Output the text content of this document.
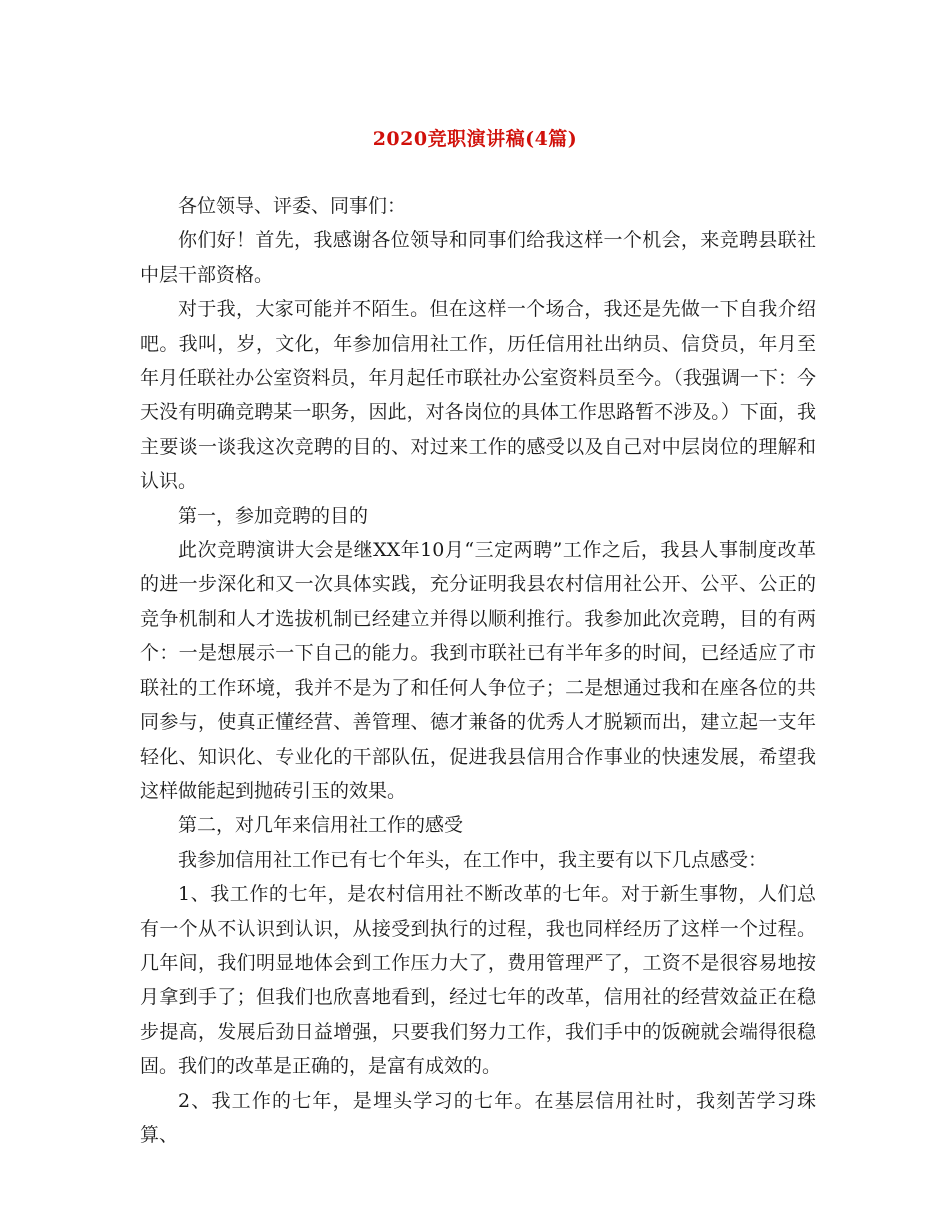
2020竞职演讲稿(4篇)

各位领导、评委、同事们：

你们好！首先，我感谢各位领导和同事们给我这样一个机会，来竞聘县联社中层干部资格。

对于我，大家可能并不陌生。但在这样一个场合，我还是先做一下自我介绍吧。我叫，岁，文化，年参加信用社工作，历任信用社出纳员、信贷员，年月至年月任联社办公室资料员，年月起任市联社办公室资料员至今。（我强调一下：今天没有明确竞聘某一职务，因此，对各岗位的具体工作思路暂不涉及。）下面，我主要谈一谈我这次竞聘的目的、对过来工作的感受以及自己对中层岗位的理解和认识。

第一，参加竞聘的目的

此次竞聘演讲大会是继XX年10月“三定两聘”工作之后，我县人事制度改革的进一步深化和又一次具体实践，充分证明我县农村信用社公开、公平、公正的竞争机制和人才选拔机制已经建立并得以顺利推行。我参加此次竞聘，目的有两个：一是想展示一下自己的能力。我到市联社已有半年多的时间，已经适应了市联社的工作环境，我并不是为了和任何人争位子；二是想通过我和在座各位的共同参与，使真正懂经营、善管理、德才兼备的优秀人才脱颖而出，建立起一支年轻化、知识化、专业化的干部队伍，促进我县信用合作事业的快速发展，希望我这样做能起到抛砖引玉的效果。

第二，对几年来信用社工作的感受

我参加信用社工作已有七个年头，在工作中，我主要有以下几点感受：

1、我工作的七年，是农村信用社不断改革的七年。对于新生事物，人们总有一个从不认识到认识，从接受到执行的过程，我也同样经历了这样一个过程。几年间，我们明显地体会到工作压力大了，费用管理严了，工资不是很容易地按月拿到手了；但我们也欣喜地看到，经过七年的改革，信用社的经营效益正在稳步提高，发展后劲日益增强，只要我们努力工作，我们手中的饭碗就会端得很稳固。我们的改革是正确的，是富有成效的。

2、我工作的七年，是埋头学习的七年。在基层信用社时，我刻苦学习珠算、
